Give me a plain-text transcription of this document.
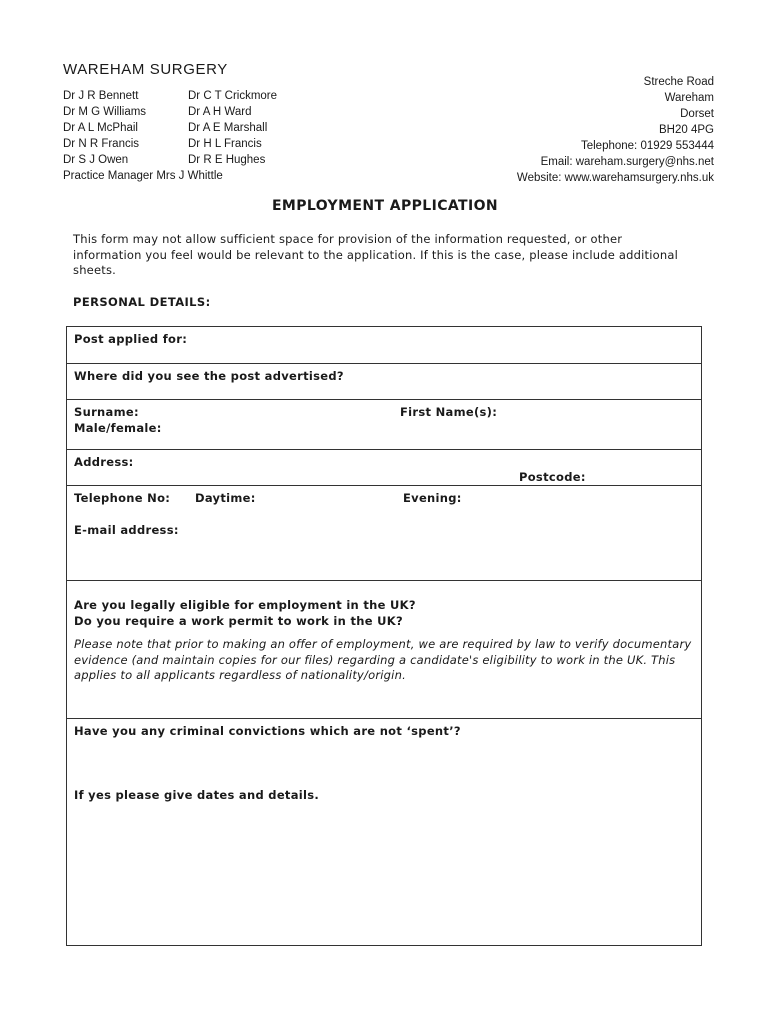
WAREHAM SURGERY
Dr J R Bennett	Dr C T Crickmore
Dr M G Williams	Dr A H Ward
Dr A L McPhail	Dr A E Marshall
Dr N R Francis	Dr H L Francis
Dr S J Owen	Dr R E Hughes
Practice Manager Mrs J Whittle
Streche Road
Wareham
Dorset
BH20 4PG
Telephone: 01929 553444
Email: wareham.surgery@nhs.net
Website: www.warehamsurgery.nhs.uk
EMPLOYMENT APPLICATION
This form may not allow sufficient space for provision of the information requested, or other information you feel would be relevant to the application. If this is the case, please include additional sheets.
PERSONAL DETAILS:
Post applied for:
Where did you see the post advertised?
Surname:	First Name(s):
Male/female:
Address:
Postcode:
Telephone No:	Daytime:	Evening:
E-mail address:
Are you legally eligible for employment in the UK?
Do you require a work permit to work in the UK?
Please note that prior to making an offer of employment, we are required by law to verify documentary evidence (and maintain copies for our files) regarding a candidate's eligibility to work in the UK. This applies to all applicants regardless of nationality/origin.
Have you any criminal convictions which are not ‘spent’?
If yes please give dates and details.
